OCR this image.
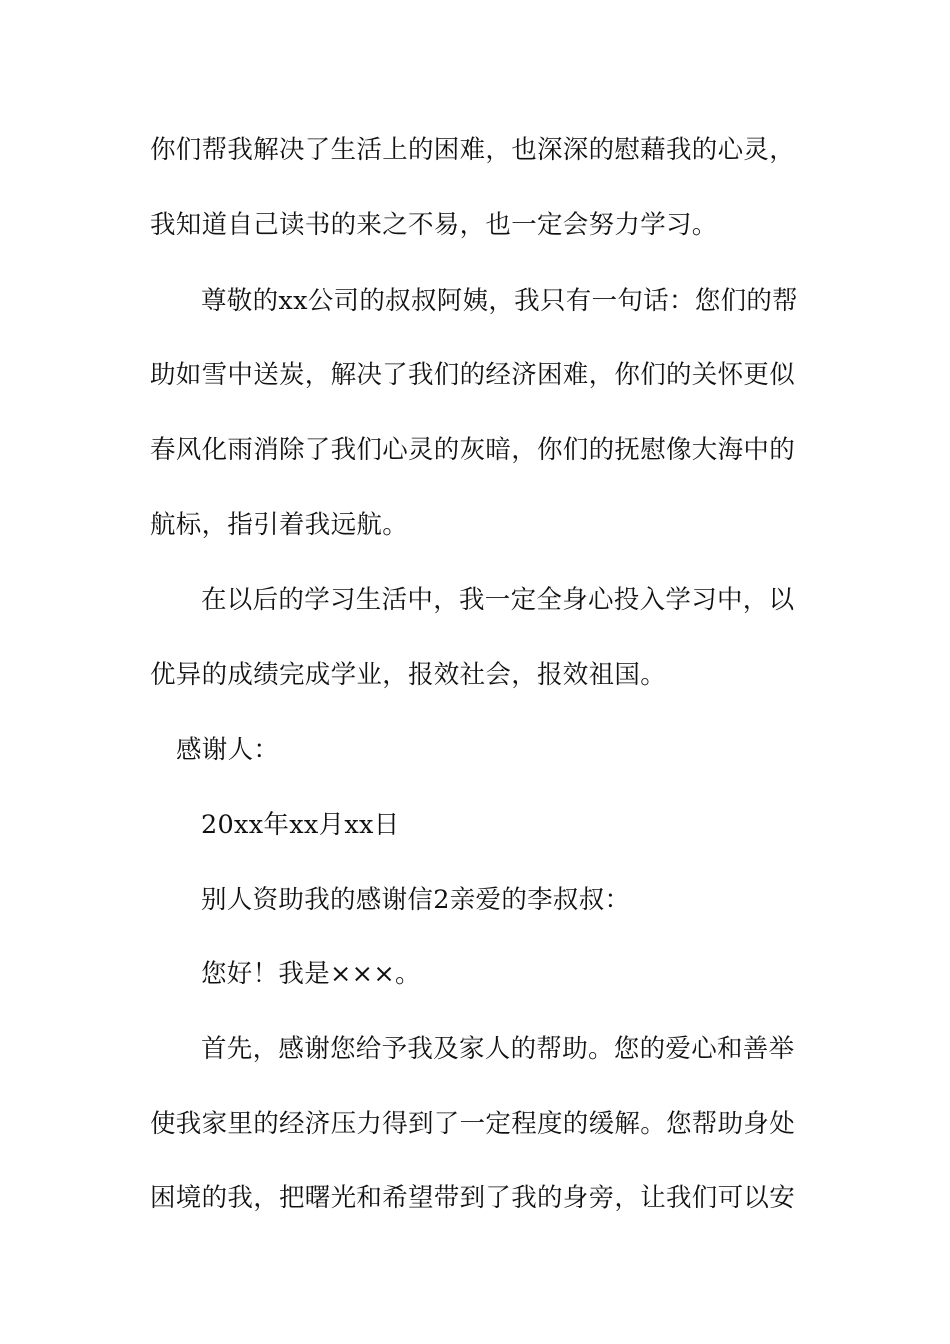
你们帮我解决了生活上的困难，也深深的慰藉我的心灵，
我知道自己读书的来之不易，也一定会努力学习。
尊敬的xx公司的叔叔阿姨，我只有一句话：您们的帮
助如雪中送炭，解决了我们的经济困难，你们的关怀更似
春风化雨消除了我们心灵的灰暗，你们的抚慰像大海中的
航标，指引着我远航。
在以后的学习生活中，我一定全身心投入学习中，以
优异的成绩完成学业，报效社会，报效祖国。
感谢人：
20xx年xx月xx日
别人资助我的感谢信2亲爱的李叔叔：
您好！我是×××。
首先，感谢您给予我及家人的帮助。您的爱心和善举
使我家里的经济压力得到了一定程度的缓解。您帮助身处
困境的我，把曙光和希望带到了我的身旁，让我们可以安
